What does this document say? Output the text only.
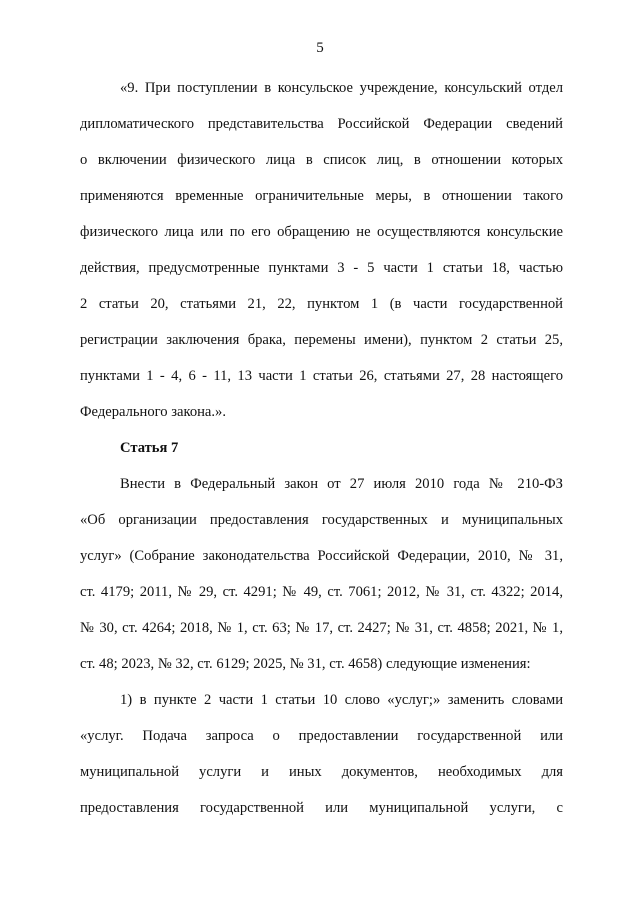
5
«9. При поступлении в консульское учреждение, консульский отдел
дипломатического представительства Российской Федерации сведений
о включении физического лица в список лиц, в отношении которых
применяются временные ограничительные меры, в отношении такого
физического лица или по его обращению не осуществляются консульские
действия, предусмотренные пунктами 3 - 5 части 1 статьи 18, частью
2 статьи 20, статьями 21, 22, пунктом 1 (в части государственной
регистрации заключения брака, перемены имени), пунктом 2 статьи 25,
пунктами 1 - 4, 6 - 11, 13 части 1 статьи 26, статьями 27, 28 настоящего
Федерального закона.».
Статья 7
Внести в Федеральный закон от 27 июля 2010 года № 210-ФЗ
«Об организации предоставления государственных и муниципальных
услуг» (Собрание законодательства Российской Федерации, 2010, № 31,
ст. 4179; 2011, № 29, ст. 4291; № 49, ст. 7061; 2012, № 31, ст. 4322; 2014,
№ 30, ст. 4264; 2018, № 1, ст. 63; № 17, ст. 2427; № 31, ст. 4858; 2021, № 1,
ст. 48; 2023, № 32, ст. 6129; 2025, № 31, ст. 4658) следующие изменения:
1) в пункте 2 части 1 статьи 10 слово «услуг;» заменить словами
«услуг. Подача запроса о предоставлении государственной или
муниципальной услуги и иных документов, необходимых для
предоставления государственной или муниципальной услуги, с
